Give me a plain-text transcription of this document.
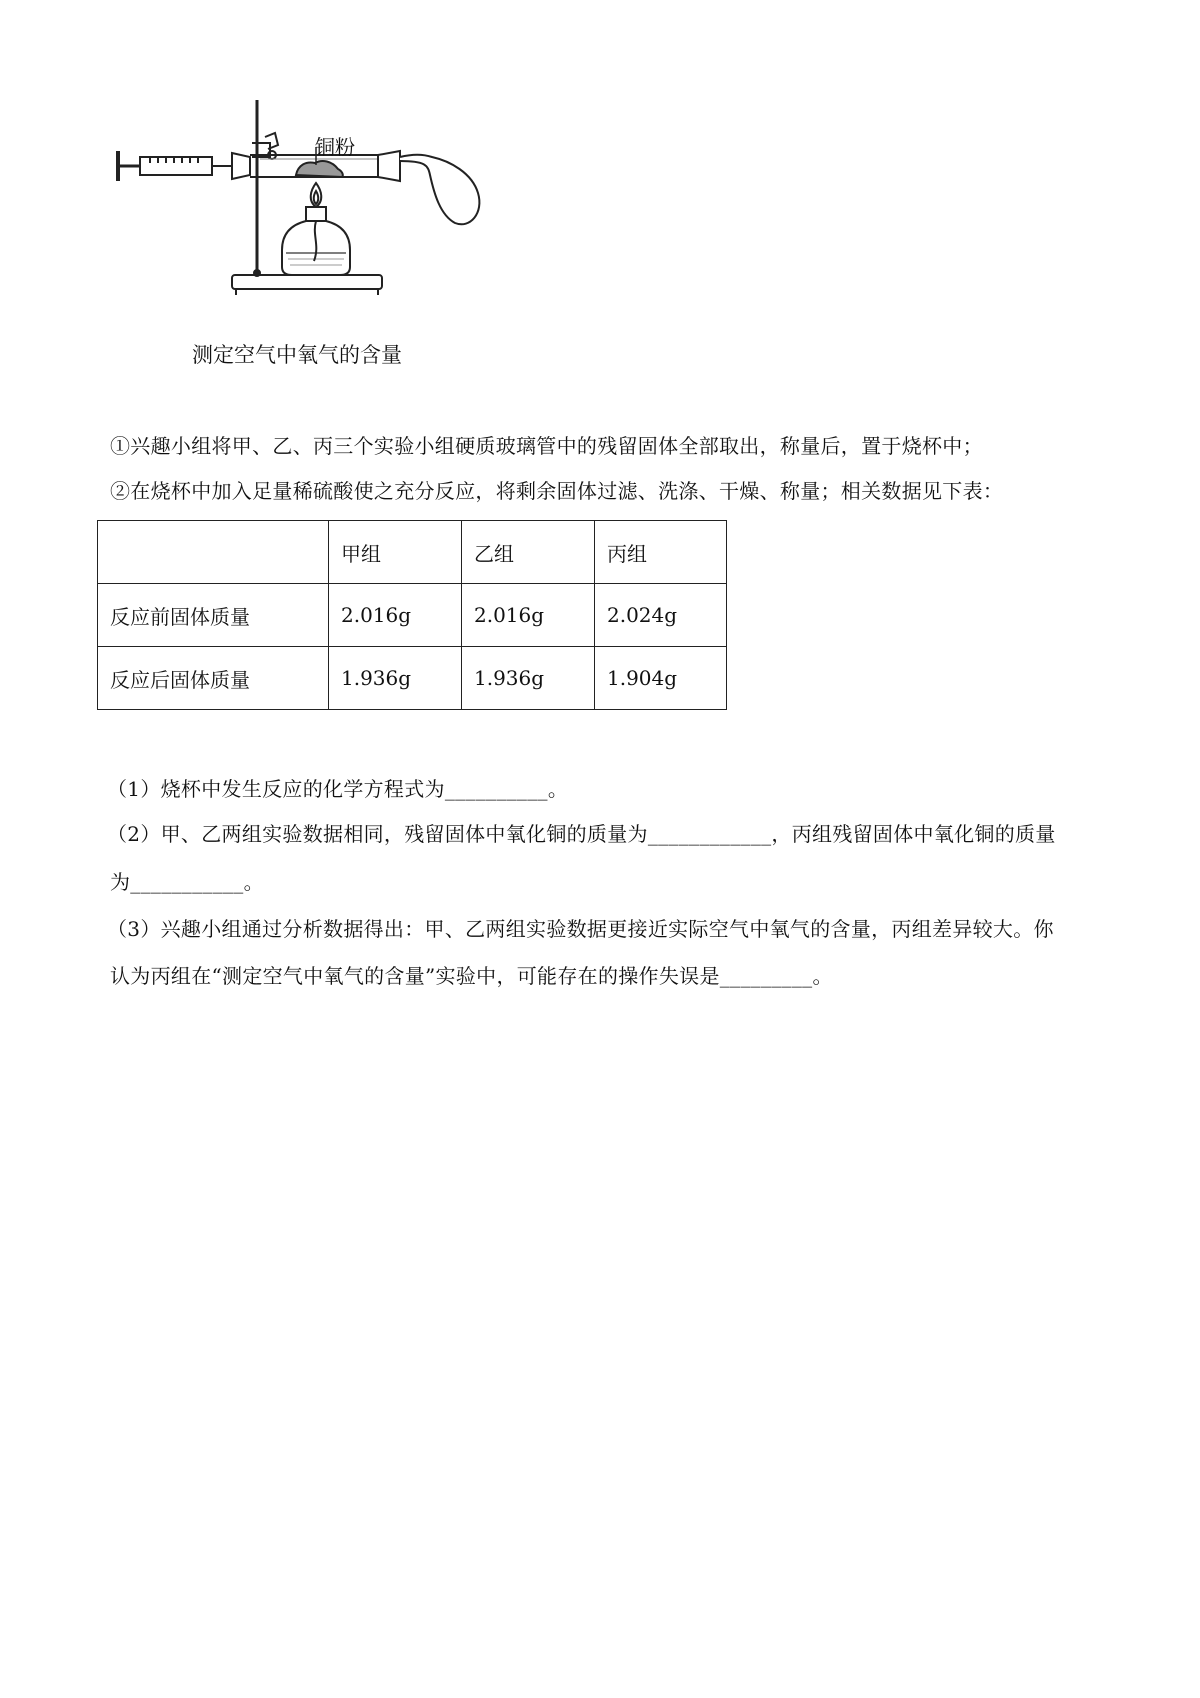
铜粉
测定空气中氧气的含量
①兴趣小组将甲、乙、丙三个实验小组硬质玻璃管中的残留固体全部取出，称量后，置于烧杯中；
②在烧杯中加入足量稀硫酸使之充分反应，将剩余固体过滤、洗涤、干燥、称量；相关数据见下表：
	甲组	乙组	丙组
反应前固体质量	2.016g	2.016g	2.024g
反应后固体质量	1.936g	1.936g	1.904g
（1）烧杯中发生反应的化学方程式为__________。
（2）甲、乙两组实验数据相同，残留固体中氧化铜的质量为____________，丙组残留固体中氧化铜的质量
为___________。
（3）兴趣小组通过分析数据得出：甲、乙两组实验数据更接近实际空气中氧气的含量，丙组差异较大。你
认为丙组在“测定空气中氧气的含量”实验中，可能存在的操作失误是_________。
